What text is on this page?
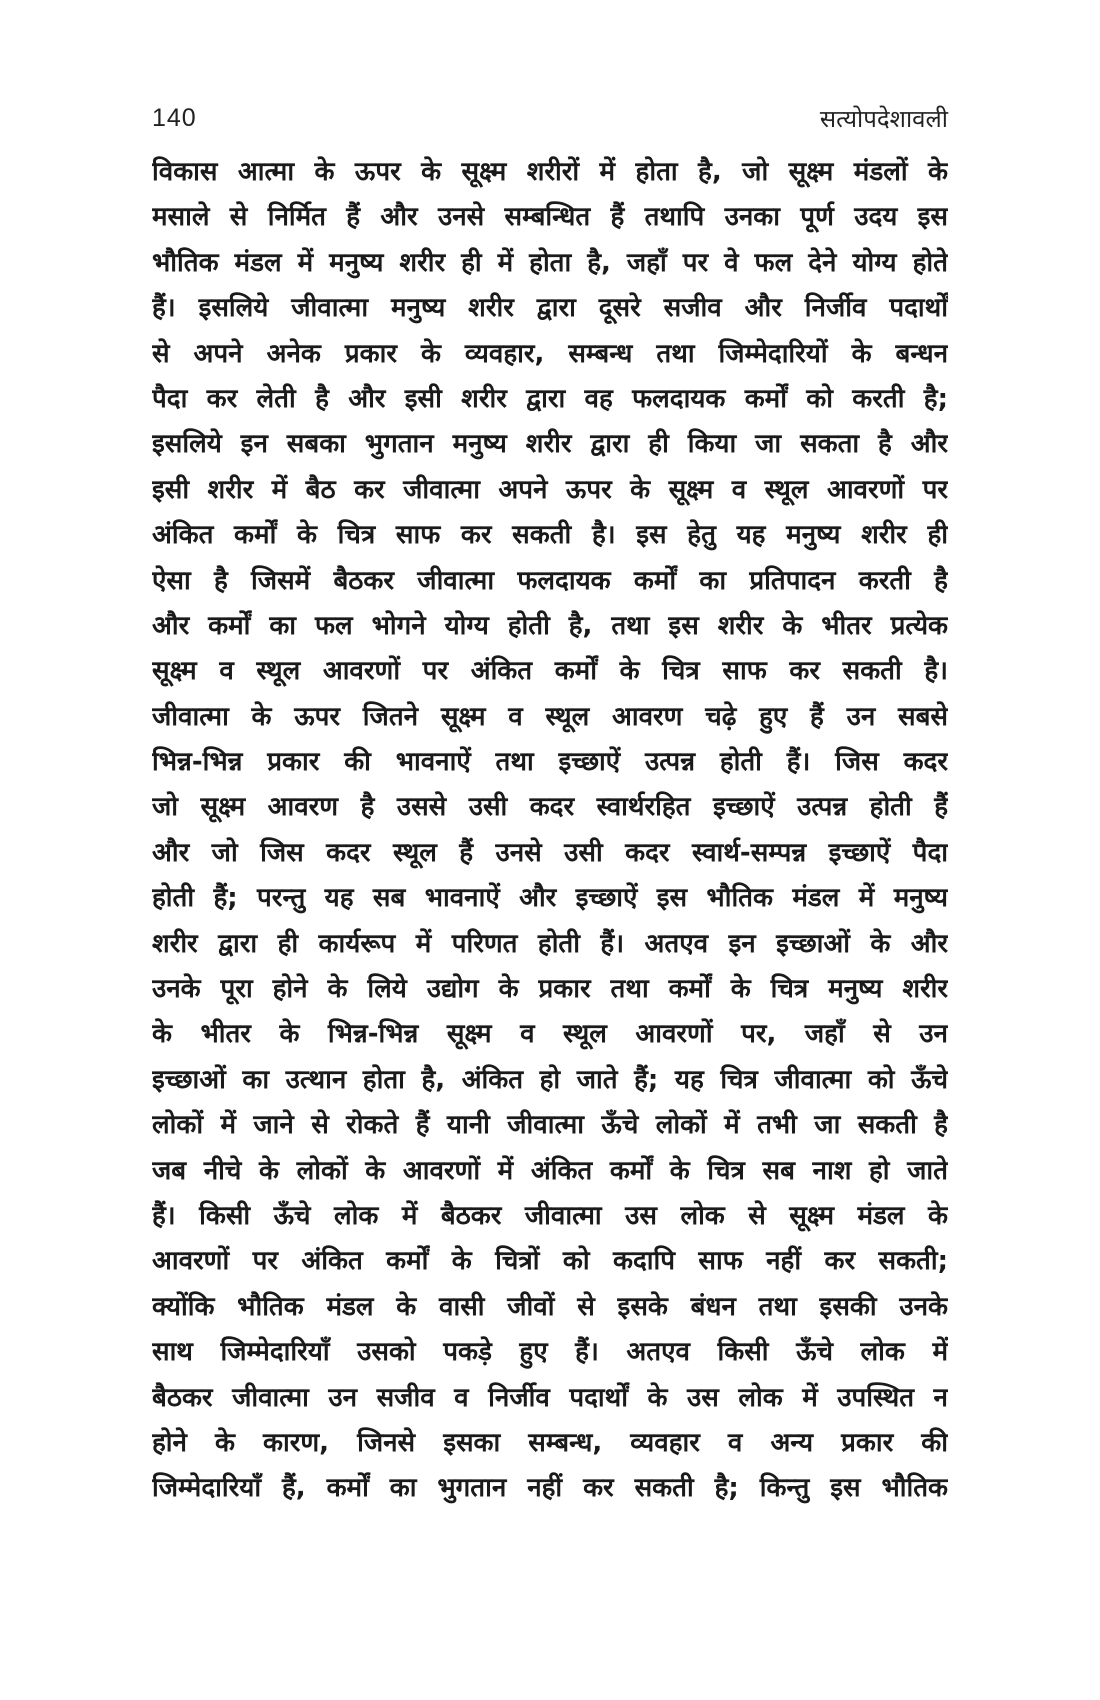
140	सत्योपदेशावली
विकास आत्मा के ऊपर के सूक्ष्म शरीरों में होता है, जो सूक्ष्म मंडलों के
मसाले से निर्मित हैं और उनसे सम्बन्धित हैं तथापि उनका पूर्ण उदय इस
भौतिक मंडल में मनुष्य शरीर ही में होता है, जहाँ पर वे फल देने योग्य होते
हैं। इसलिये जीवात्मा मनुष्य शरीर द्वारा दूसरे सजीव और निर्जीव पदार्थों
से अपने अनेक प्रकार के व्यवहार, सम्बन्ध तथा जिम्मेदारियों के बन्धन
पैदा कर लेती है और इसी शरीर द्वारा वह फलदायक कर्मों को करती है;
इसलिये इन सबका भुगतान मनुष्य शरीर द्वारा ही किया जा सकता है और
इसी शरीर में बैठ कर जीवात्मा अपने ऊपर के सूक्ष्म व स्थूल आवरणों पर
अंकित कर्मों के चित्र साफ कर सकती है। इस हेतु यह मनुष्य शरीर ही
ऐसा है जिसमें बैठकर जीवात्मा फलदायक कर्मों का प्रतिपादन करती है
और कर्मों का फल भोगने योग्य होती है, तथा इस शरीर के भीतर प्रत्येक
सूक्ष्म व स्थूल आवरणों पर अंकित कर्मों के चित्र साफ कर सकती है।
जीवात्मा के ऊपर जितने सूक्ष्म व स्थूल आवरण चढ़े हुए हैं उन सबसे
भिन्न-भिन्न प्रकार की भावनाऐं तथा इच्छाऐं उत्पन्न होती हैं। जिस कदर
जो सूक्ष्म आवरण है उससे उसी कदर स्वार्थरहित इच्छाऐं उत्पन्न होती हैं
और जो जिस कदर स्थूल हैं उनसे उसी कदर स्वार्थ-सम्पन्न इच्छाऐं पैदा
होती हैं; परन्तु यह सब भावनाऐं और इच्छाऐं इस भौतिक मंडल में मनुष्य
शरीर द्वारा ही कार्यरूप में परिणत होती हैं। अतएव इन इच्छाओं के और
उनके पूरा होने के लिये उद्योग के प्रकार तथा कर्मों के चित्र मनुष्य शरीर
के भीतर के भिन्न-भिन्न सूक्ष्म व स्थूल आवरणों पर, जहाँ से उन
इच्छाओं का उत्थान होता है, अंकित हो जाते हैं; यह चित्र जीवात्मा को ऊँचे
लोकों में जाने से रोकते हैं यानी जीवात्मा ऊँचे लोकों में तभी जा सकती है
जब नीचे के लोकों के आवरणों में अंकित कर्मों के चित्र सब नाश हो जाते
हैं। किसी ऊँचे लोक में बैठकर जीवात्मा उस लोक से सूक्ष्म मंडल के
आवरणों पर अंकित कर्मों के चित्रों को कदापि साफ नहीं कर सकती;
क्योंकि भौतिक मंडल के वासी जीवों से इसके बंधन तथा इसकी उनके
साथ जिम्मेदारियाँ उसको पकड़े हुए हैं। अतएव किसी ऊँचे लोक में
बैठकर जीवात्मा उन सजीव व निर्जीव पदार्थों के उस लोक में उपस्थित न
होने के कारण, जिनसे इसका सम्बन्ध, व्यवहार व अन्य प्रकार की
जिम्मेदारियाँ हैं, कर्मों का भुगतान नहीं कर सकती है; किन्तु इस भौतिक
